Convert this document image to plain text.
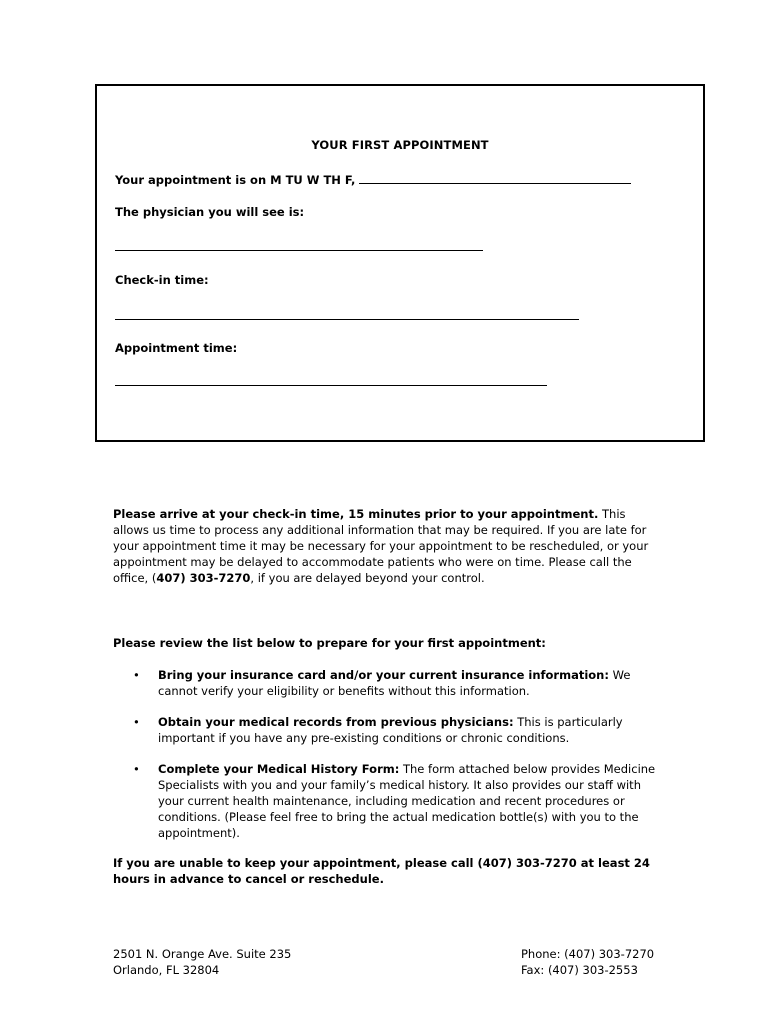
YOUR FIRST APPOINTMENT
Your appointment is on M TU W TH F,
The physician you will see is:
Check-in time:
Appointment time:
Please arrive at your check-in time, 15 minutes prior to your appointment. This allows us time to process any additional information that may be required. If you are late for your appointment time it may be necessary for your appointment to be rescheduled, or your appointment may be delayed to accommodate patients who were on time. Please call the office, (407) 303-7270, if you are delayed beyond your control.
Please review the list below to prepare for your first appointment:
• Bring your insurance card and/or your current insurance information: We cannot verify your eligibility or benefits without this information.
• Obtain your medical records from previous physicians: This is particularly important if you have any pre-existing conditions or chronic conditions.
• Complete your Medical History Form: The form attached below provides Medicine Specialists with you and your family’s medical history. It also provides our staff with your current health maintenance, including medication and recent procedures or conditions. (Please feel free to bring the actual medication bottle(s) with you to the appointment).
If you are unable to keep your appointment, please call (407) 303-7270 at least 24 hours in advance to cancel or reschedule.
2501 N. Orange Ave. Suite 235
Orlando, FL 32804
Phone: (407) 303-7270
Fax: (407) 303-2553
